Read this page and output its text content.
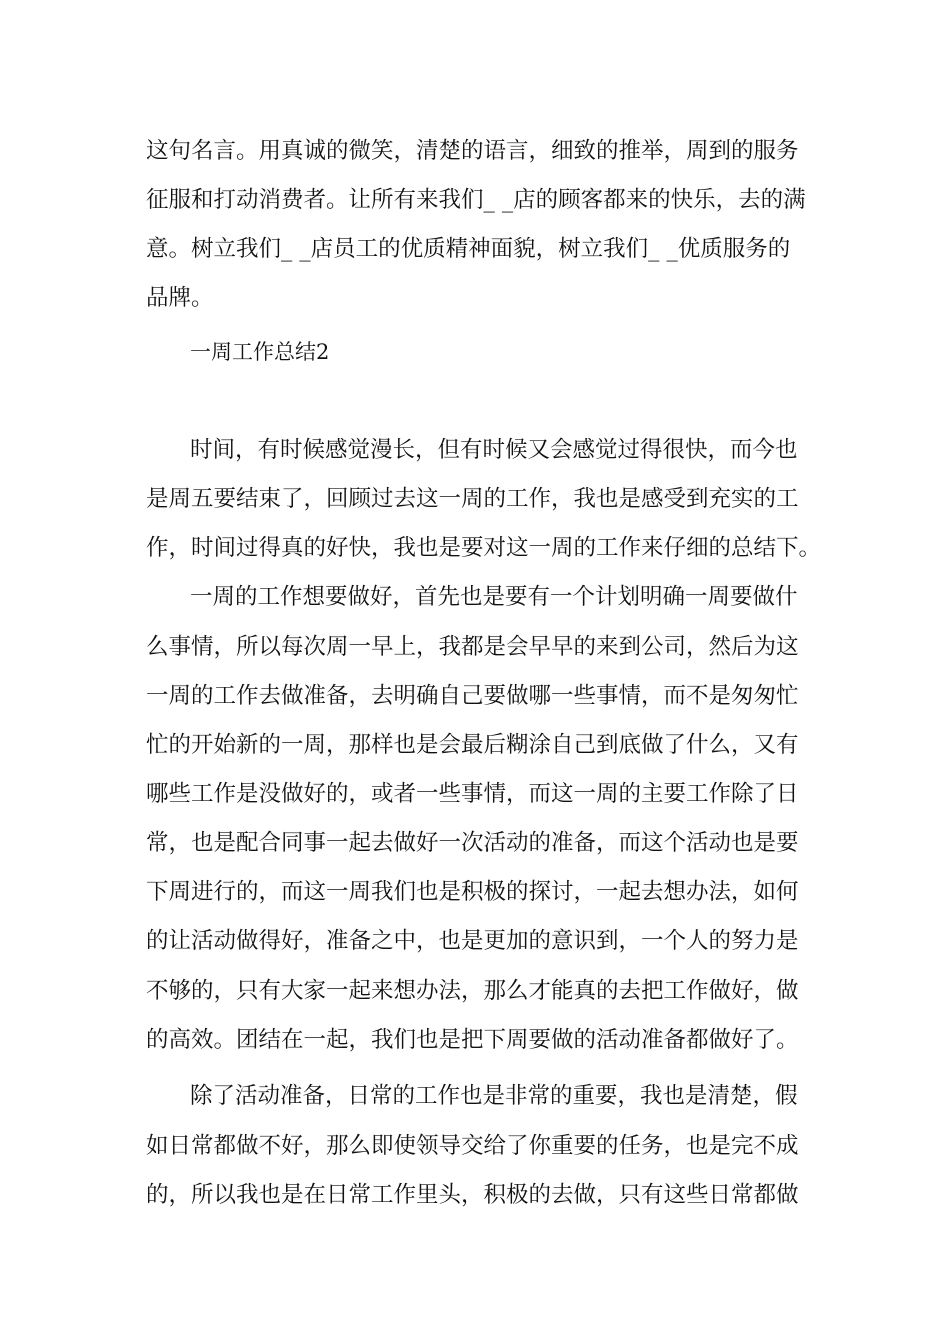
这句名言。用真诚的微笑，清楚的语言，细致的推举，周到的服务
征服和打动消费者。让所有来我们_ _店的顾客都来的快乐，去的满
意。树立我们_ _店员工的优质精神面貌，树立我们_ _优质服务的
品牌。
一周工作总结2
时间，有时候感觉漫长，但有时候又会感觉过得很快，而今也
是周五要结束了，回顾过去这一周的工作，我也是感受到充实的工
作，时间过得真的好快，我也是要对这一周的工作来仔细的总结下。
一周的工作想要做好，首先也是要有一个计划明确一周要做什
么事情，所以每次周一早上，我都是会早早的来到公司，然后为这
一周的工作去做准备，去明确自己要做哪一些事情，而不是匆匆忙
忙的开始新的一周，那样也是会最后糊涂自己到底做了什么，又有
哪些工作是没做好的，或者一些事情，而这一周的主要工作除了日
常，也是配合同事一起去做好一次活动的准备，而这个活动也是要
下周进行的，而这一周我们也是积极的探讨，一起去想办法，如何
的让活动做得好，准备之中，也是更加的意识到，一个人的努力是
不够的，只有大家一起来想办法，那么才能真的去把工作做好，做
的高效。团结在一起，我们也是把下周要做的活动准备都做好了。
除了活动准备，日常的工作也是非常的重要，我也是清楚，假
如日常都做不好，那么即使领导交给了你重要的任务，也是完不成
的，所以我也是在日常工作里头，积极的去做，只有这些日常都做
